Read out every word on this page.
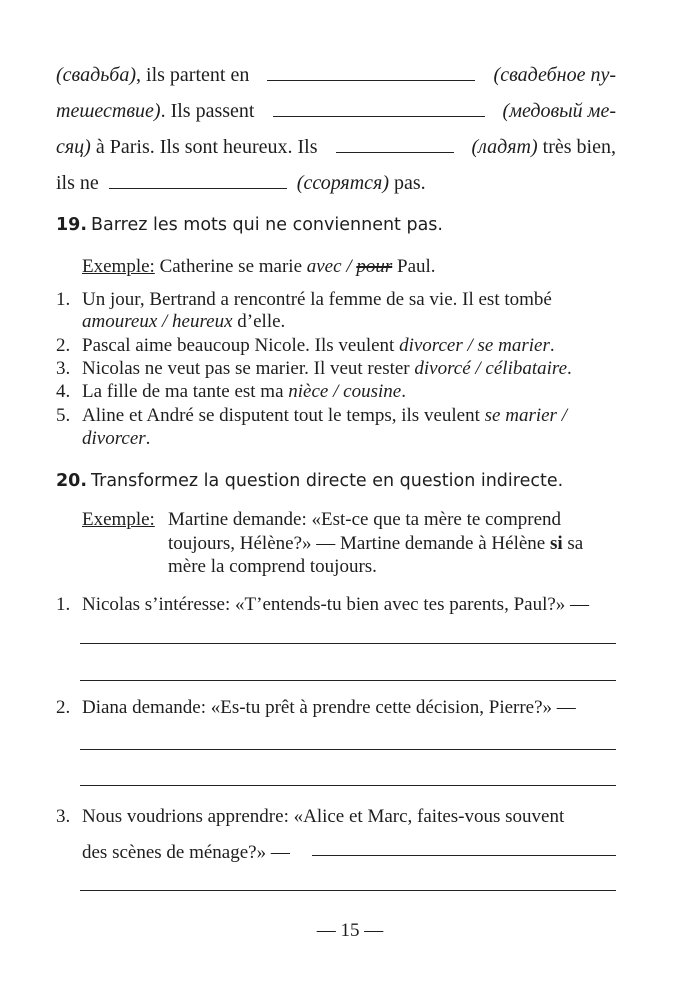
(свадьба), ils partent en	(свадебное пу-
тешествие). Ils passent	(медовый ме-
сяц) à Paris. Ils sont heureux. Ils	(ладят) très bien,
ils ne	(ссорятся) pas.
19. Barrez les mots qui ne conviennent pas.
Exemple: Catherine se marie avec / pour Paul.
1. Un jour, Bertrand a rencontré la femme de sa vie. Il est tombé
amoureux / heureux d’elle.
2. Pascal aime beaucoup Nicole. Ils veulent divorcer / se marier.
3. Nicolas ne veut pas se marier. Il veut rester divorcé / célibataire.
4. La fille de ma tante est ma nièce / cousine.
5. Aline et André se disputent tout le temps, ils veulent se marier /
divorcer.
20. Transformez la question directe en question indirecte.
Exemple: Martine demande: «Est-ce que ta mère te comprend
toujours, Hélène?» — Martine demande à Hélène si sa
mère la comprend toujours.
1. Nicolas s’intéresse: «T’entends-tu bien avec tes parents, Paul?» —
2. Diana demande: «Es-tu prêt à prendre cette décision, Pierre?» —
3. Nous voudrions apprendre: «Alice et Marc, faites-vous souvent
des scènes de ménage?» —
— 15 —
